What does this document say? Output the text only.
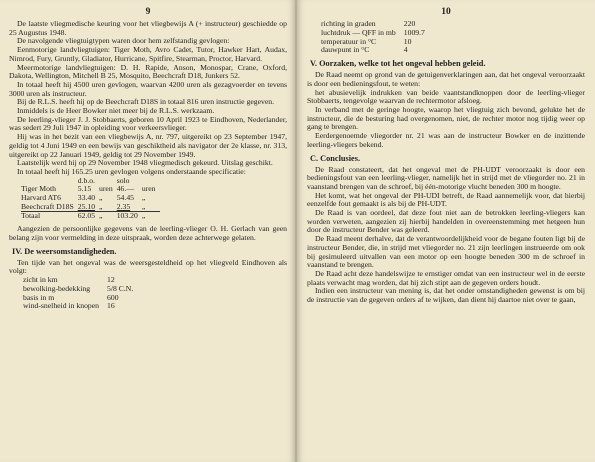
9

De laatste vliegmedische keuring voor het vliegbewijs A (+ instructeur) geschiedde op 25 Augustus 1948.

De navolgende vliegtuigtypen waren door hem zelfstandig gevlogen:

Eenmotorige landvliegtuigen: Tiger Moth, Avro Cadet, Tutor, Hawker Hart, Audax, Nimrod, Fury, Gruntly, Gladiator, Hurricane, Spitfire, Stearman, Proctor, Harvard.

Meermotorige landvliegtuigen: D. H. Rapide, Anson, Monospar, Crane, Oxford, Dakota, Wellington, Mitchell B 25, Mosquito, Beechcraft D18, Junkers 52.

In totaal heeft hij 4500 uren gevlogen, waarvan 4200 uren als gezagvoerder en tevens 3000 uren als instructeur.

Bij de R.L.S. heeft hij op de Beechcraft D18S in totaal 816 uren instructie gegeven.

Inmiddels is de Heer Bowker niet meer bij de R.L.S. werkzaam.

De leerling-vlieger J. J. Stobbaerts, geboren 10 April 1923 te Eindhoven, Nederlander, was sedert 29 Juli 1947 in opleiding voor verkeersvlieger.

Hij was in het bezit van een vliegbewijs A, nr. 797, uitgereikt op 23 September 1947, geldig tot 4 Juni 1949 en een bewijs van geschiktheid als navigator der 2e klasse, nr. 313, uitgereikt op 22 Januari 1949, geldig tot 29 November 1949.

Laatstelijk werd hij op 29 November 1948 vliegmedisch gekeurd. Uitslag geschikt.

In totaal heeft hij 165.25 uren gevlogen volgens onderstaande specificatie:

	d.b.o.		solo	
Tiger Moth	5.15	uren	46.—	uren
Harvard AT6	33.40	„	54.45	„
Beechcraft D18S	25.10	„	2.35	„
Totaal	62.05	„	103.20	„

Aangezien de persoonlijke gegevens van de leerling-vlieger O. H. Gerlach van geen belang zijn voor vermelding in deze uitspraak, worden deze achterwege gelaten.

IV. De weersomstandigheden.

Ten tijde van het ongeval was de weersgesteldheid op het vliegveld Eindhoven als volgt:

zicht in km	12
bewolking-bedekking	5/8 C.N.
basis in m	600
wind-snelheid in knopen	16
10
richting in graden	220
luchtdruk — QFF in mb	1009.7
temperatuur in °C	10
dauwpunt in °C	4
V. Oorzaken, welke tot het ongeval hebben geleid.

De Raad neemt op grond van de getuigenverklaringen aan, dat het ongeval veroorzaakt is door een bedieningsfout, te weten:

het abusievelijk indrukken van beide vaantstandknoppen door de leerling-vlieger Stobbaerts, tengevolge waarvan de rechtermotor afsloeg.

In verband met de geringe hoogte, waarop het vliegtuig zich bevond, gelukte het de instructeur, die de besturing had overgenomen, niet, de rechter motor nog tijdig weer op gang te brengen.

Eerdergenoemde vliegorder nr. 21 was aan de instructeur Bowker en de inzittende leerling-vliegers bekend.

C. Conclusies.

De Raad constateert, dat het ongeval met de PH-UDT veroorzaakt is door een bedieningsfout van een leerling-vlieger, namelijk het in strijd met de vliegorder no. 21 in vaanstand brengen van de schroef, bij één-motorige vlucht beneden 300 m hoogte.

Het komt, wat het ongeval der PH-UDI betreft, de Raad aannemelijk voor, dat hierbij eenzelfde fout gemaakt is als bij de PH-UDT.

De Raad is van oordeel, dat deze fout niet aan de betrokken leerling-vliegers kan worden verweten, aangezien zij hierbij handelden in overeenstemming met hetgeen hun door de instructeur Bender was geleerd.

De Raad meent derhalve, dat de verantwoordelijkheid voor de begane fouten ligt bij de instructeur Bender, die, in strijd met vliegorder no. 21 zijn leerlingen instrueerde om ook bij gesimuleerd uitvallen van een motor op een hoogte beneden 300 m de schroef in vaanstand te brengen.

De Raad acht deze handelswijze te ernstiger omdat van een instructeur wel in de eerste plaats verwacht mag worden, dat hij zich stipt aan de gegeven orders houdt.

Indien een instructeur van mening is, dat het onder omstandigheden gewenst is om bij de instructie van de gegeven orders af te wijken, dan dient hij daartoe niet over te gaan,
